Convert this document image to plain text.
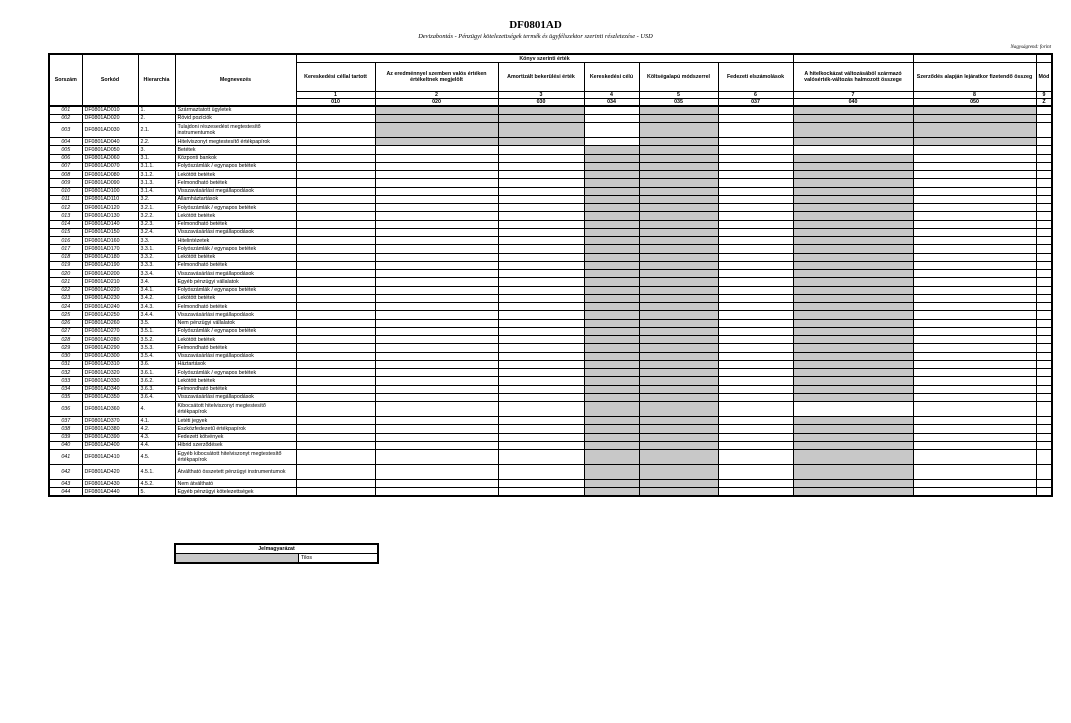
DF0801AD
Devizabontás - Pénzügyi kötelezettségek termék és ügyfélszektor szerinti részletezése - USD
Nagyságrend: forint
Sorszám	Sorkód	Hierarchia	Megnevezés	Könyv szerinti érték								
				Kereskedési céllal tartott	Az eredménnyel szemben valós értéken értékeltnek megjelölt	Amortizált bekerülési érték	Kereskedési célú	Költségalapú módszerrel	Fedezeti elszámolások	A hitelkockázat változásából származó valósérték-változás halmozott összege	Szerződés alapján lejáratkor fizetendő összeg	Mód
				1	2	3	4	5	6	7	8	9
				010	020	030	034	035	037	040	050	Z
001	DF0801AD010	1.	Származtatott ügyletek									
002	DF0801AD020	2.	Rövid pozíciók									
003	DF0801AD030	2.1.	Tulajdoni részesedést megtestesítő instrumentumok									
004	DF0801AD040	2.2.	Hitelviszonyt megtestesítő értékpapírok									
005	DF0801AD050	3.	Betétek									
006	DF0801AD060	3.1.	Központi bankok									
007	DF0801AD070	3.1.1.	Folyószámlák / egynapos betétek									
008	DF0801AD080	3.1.2.	Lekötött betétek									
009	DF0801AD090	3.1.3.	Felmondható betétek									
010	DF0801AD100	3.1.4.	Visszavásárlási megállapodások									
011	DF0801AD110	3.2.	Államháztartások									
012	DF0801AD120	3.2.1.	Folyószámlák / egynapos betétek									
013	DF0801AD130	3.2.2.	Lekötött betétek									
014	DF0801AD140	3.2.3.	Felmondható betétek									
015	DF0801AD150	3.2.4.	Visszavásárlási megállapodások									
016	DF0801AD160	3.3.	Hitelintézetek									
017	DF0801AD170	3.3.1.	Folyószámlák / egynapos betétek									
018	DF0801AD180	3.3.2.	Lekötött betétek									
019	DF0801AD190	3.3.3.	Felmondható betétek									
020	DF0801AD200	3.3.4.	Visszavásárlási megállapodások									
021	DF0801AD210	3.4.	Egyéb pénzügyi vállalatok									
022	DF0801AD220	3.4.1.	Folyószámlák / egynapos betétek									
023	DF0801AD230	3.4.2.	Lekötött betétek									
024	DF0801AD240	3.4.3.	Felmondható betétek									
025	DF0801AD250	3.4.4.	Visszavásárlási megállapodások									
026	DF0801AD260	3.5.	Nem pénzügyi vállalatok									
027	DF0801AD270	3.5.1.	Folyószámlák / egynapos betétek									
028	DF0801AD280	3.5.2.	Lekötött betétek									
029	DF0801AD290	3.5.3.	Felmondható betétek									
030	DF0801AD300	3.5.4.	Visszavásárlási megállapodások									
031	DF0801AD310	3.6.	Háztartások									
032	DF0801AD320	3.6.1.	Folyószámlák / egynapos betétek									
033	DF0801AD330	3.6.2.	Lekötött betétek									
034	DF0801AD340	3.6.3.	Felmondható betétek									
035	DF0801AD350	3.6.4.	Visszavásárlási megállapodások									
036	DF0801AD360	4.	Kibocsátott hitelviszonyt megtestesítő értékpapírok									
037	DF0801AD370	4.1.	Letéti jegyek									
038	DF0801AD380	4.2.	Eszközfedezetű értékpapírok									
039	DF0801AD390	4.3.	Fedezett kötvények									
040	DF0801AD400	4.4.	Hibrid szerződések									
041	DF0801AD410	4.5.	Egyéb kibocsátott hitelviszonyt megtestesítő értékpapírok									
042	DF0801AD420	4.5.1.	Átváltható összetett pénzügyi instrumentumok									
043	DF0801AD430	4.5.2.	Nem átváltható									
044	DF0801AD440	5.	Egyéb pénzügyi kötelezettségek									
Jelmagyarázat
	Tilos
